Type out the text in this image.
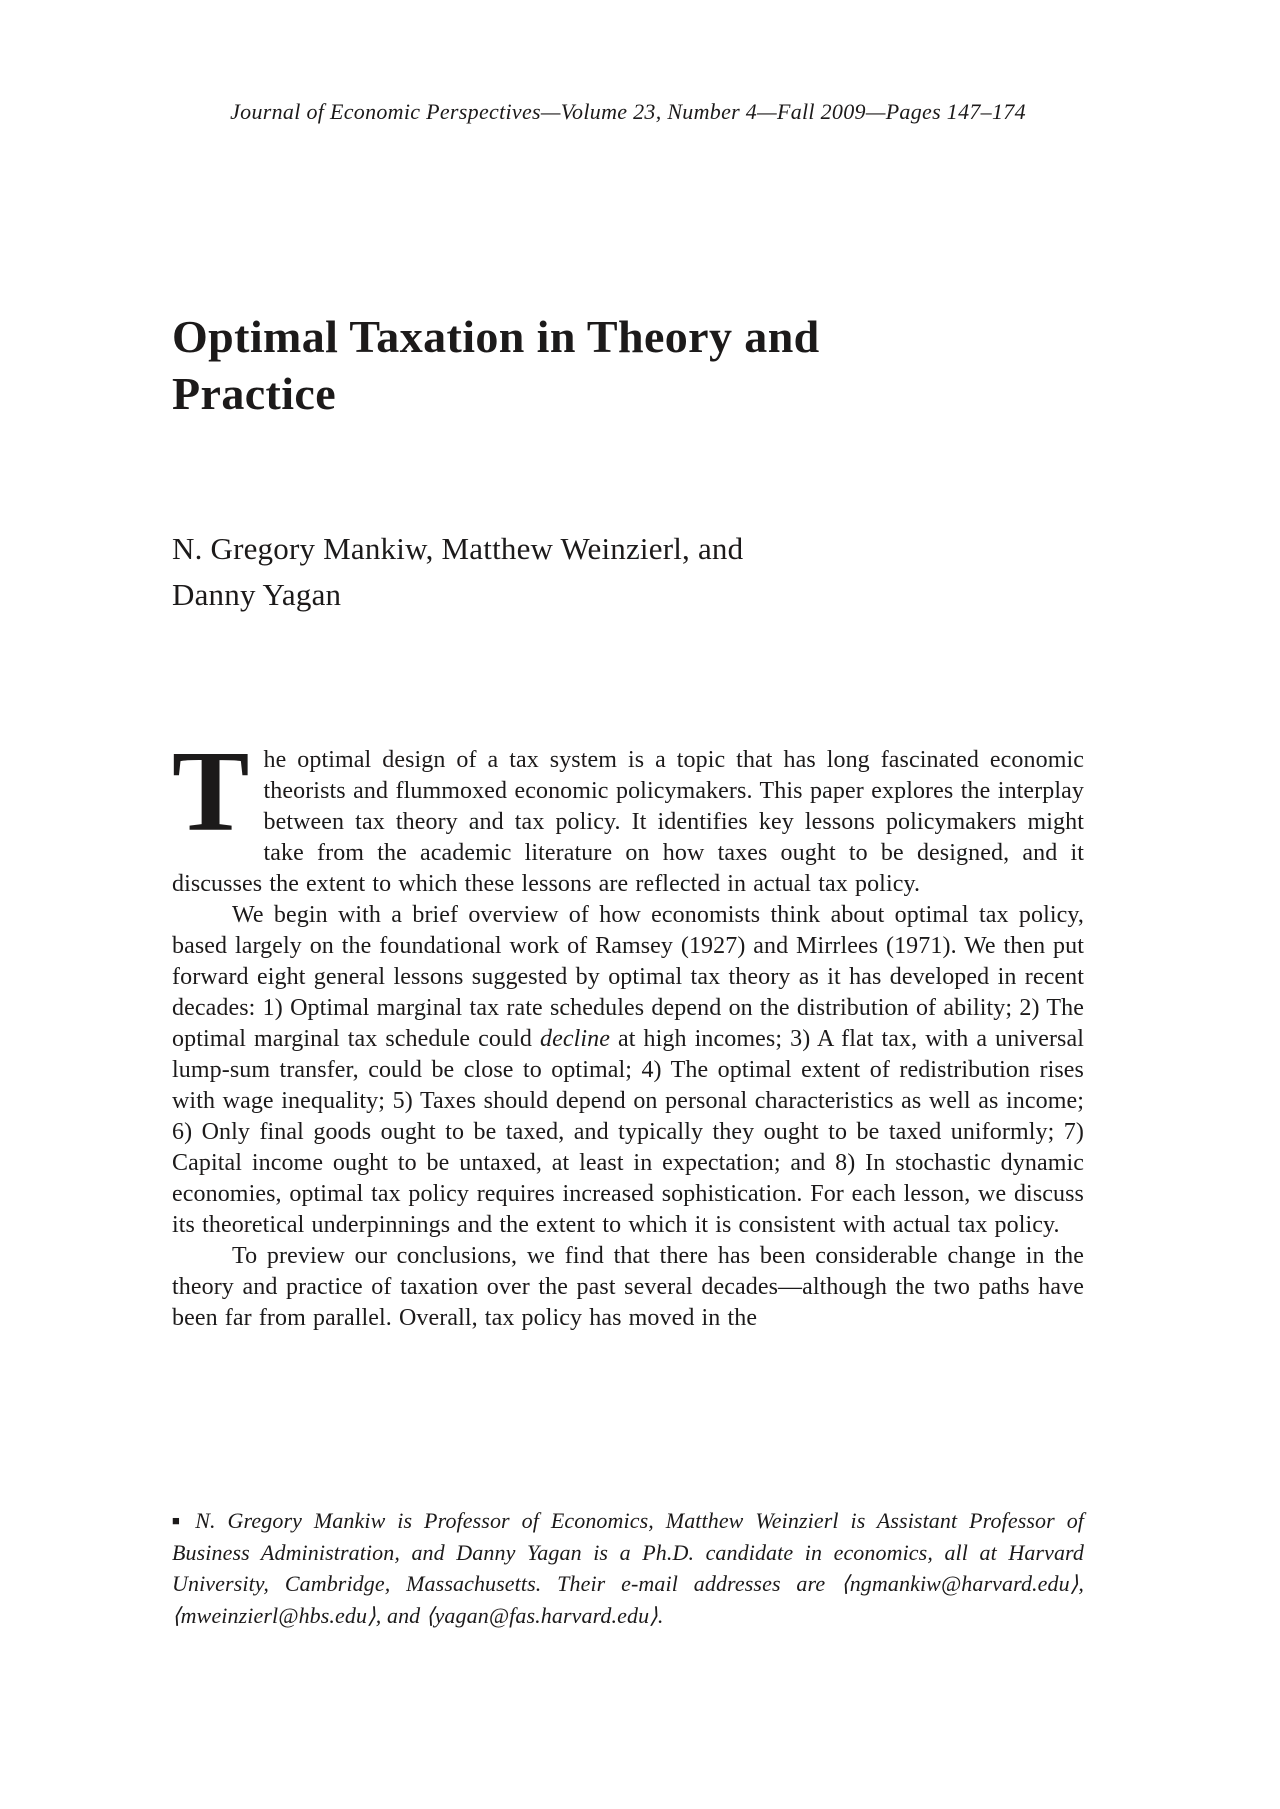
Journal of Economic Perspectives—Volume 23, Number 4—Fall 2009—Pages 147–174
Optimal Taxation in Theory and
Practice
N. Gregory Mankiw, Matthew Weinzierl, and
Danny Yagan

T he optimal design of a tax system is a topic that has long fascinated economic theorists and flummoxed economic policymakers. This paper explores the interplay between tax theory and tax policy. It identifies key lessons policymakers might take from the academic literature on how taxes ought to be designed, and it discusses the extent to which these lessons are reflected in actual tax policy.

We begin with a brief overview of how economists think about optimal tax policy, based largely on the foundational work of Ramsey (1927) and Mirrlees (1971). We then put forward eight general lessons suggested by optimal tax theory as it has developed in recent decades: 1) Optimal marginal tax rate schedules depend on the distribution of ability; 2) The optimal marginal tax schedule could decline at high incomes; 3) A flat tax, with a universal lump-sum transfer, could be close to optimal; 4) The optimal extent of redistribution rises with wage inequality; 5) Taxes should depend on personal characteristics as well as income; 6) Only final goods ought to be taxed, and typically they ought to be taxed uniformly; 7) Capital income ought to be untaxed, at least in expectation; and 8) In stochastic dynamic economies, optimal tax policy requires increased sophistication. For each lesson, we discuss its theoretical underpinnings and the extent to which it is consistent with actual tax policy.

To preview our conclusions, we find that there has been considerable change in the theory and practice of taxation over the past several decades—although the two paths have been far from parallel. Overall, tax policy has moved in the

■ N. Gregory Mankiw is Professor of Economics, Matthew Weinzierl is Assistant Professor of Business Administration, and Danny Yagan is a Ph.D. candidate in economics, all at Harvard University, Cambridge, Massachusetts. Their e-mail addresses are ⟨ngmankiw@harvard.edu⟩, ⟨mweinzierl@hbs.edu⟩, and ⟨yagan@fas.harvard.edu⟩.
